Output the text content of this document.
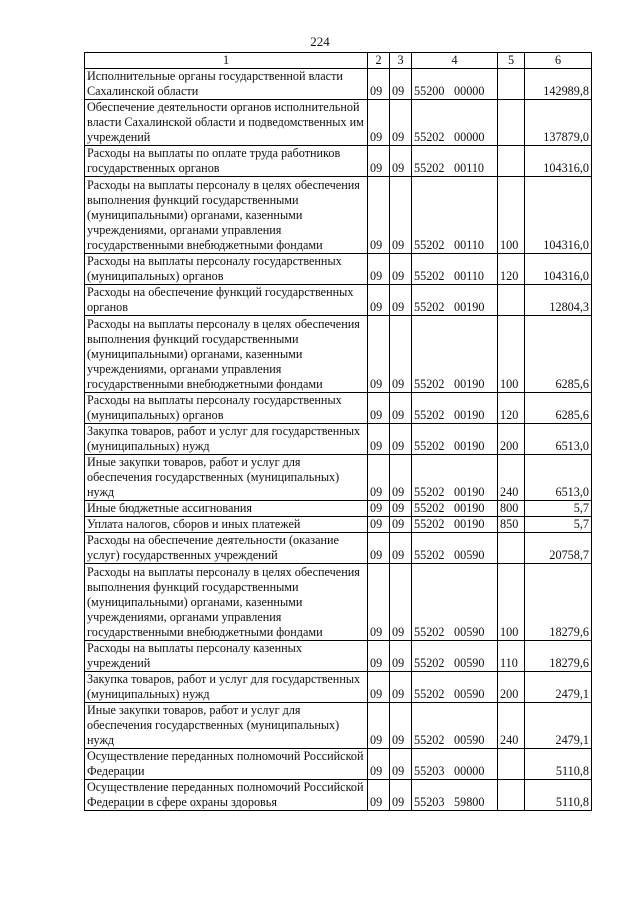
224
1	2	3	4	5	6
Исполнительные органы государственной власти Сахалинской области	09	09	55200 00000		142989,8
Обеспечение деятельности органов исполнительной власти Сахалинской области и подведомственных им учреждений	09	09	55202 00000		137879,0
Расходы на выплаты по оплате труда работников государственных органов	09	09	55202 00110		104316,0
Расходы на выплаты персоналу в целях обеспечения выполнения функций государственными (муниципальными) органами, казенными учреждениями, органами управления государственными внебюджетными фондами	09	09	55202 00110	100	104316,0
Расходы на выплаты персоналу государственных (муниципальных) органов	09	09	55202 00110	120	104316,0
Расходы на обеспечение функций государственных органов	09	09	55202 00190		12804,3
Расходы на выплаты персоналу в целях обеспечения выполнения функций государственными (муниципальными) органами, казенными учреждениями, органами управления государственными внебюджетными фондами	09	09	55202 00190	100	6285,6
Расходы на выплаты персоналу государственных (муниципальных) органов	09	09	55202 00190	120	6285,6
Закупка товаров, работ и услуг для государственных (муниципальных) нужд	09	09	55202 00190	200	6513,0
Иные закупки товаров, работ и услуг для обеспечения государственных (муниципальных) нужд	09	09	55202 00190	240	6513,0
Иные бюджетные ассигнования	09	09	55202 00190	800	5,7
Уплата налогов, сборов и иных платежей	09	09	55202 00190	850	5,7
Расходы на обеспечение деятельности (оказание услуг) государственных учреждений	09	09	55202 00590		20758,7
Расходы на выплаты персоналу в целях обеспечения выполнения функций государственными (муниципальными) органами, казенными учреждениями, органами управления государственными внебюджетными фондами	09	09	55202 00590	100	18279,6
Расходы на выплаты персоналу казенных учреждений	09	09	55202 00590	110	18279,6
Закупка товаров, работ и услуг для государственных (муниципальных) нужд	09	09	55202 00590	200	2479,1
Иные закупки товаров, работ и услуг для обеспечения государственных (муниципальных) нужд	09	09	55202 00590	240	2479,1
Осуществление переданных полномочий Российской Федерации	09	09	55203 00000		5110,8
Осуществление переданных полномочий Российской Федерации в сфере охраны здоровья	09	09	55203 59800		5110,8
